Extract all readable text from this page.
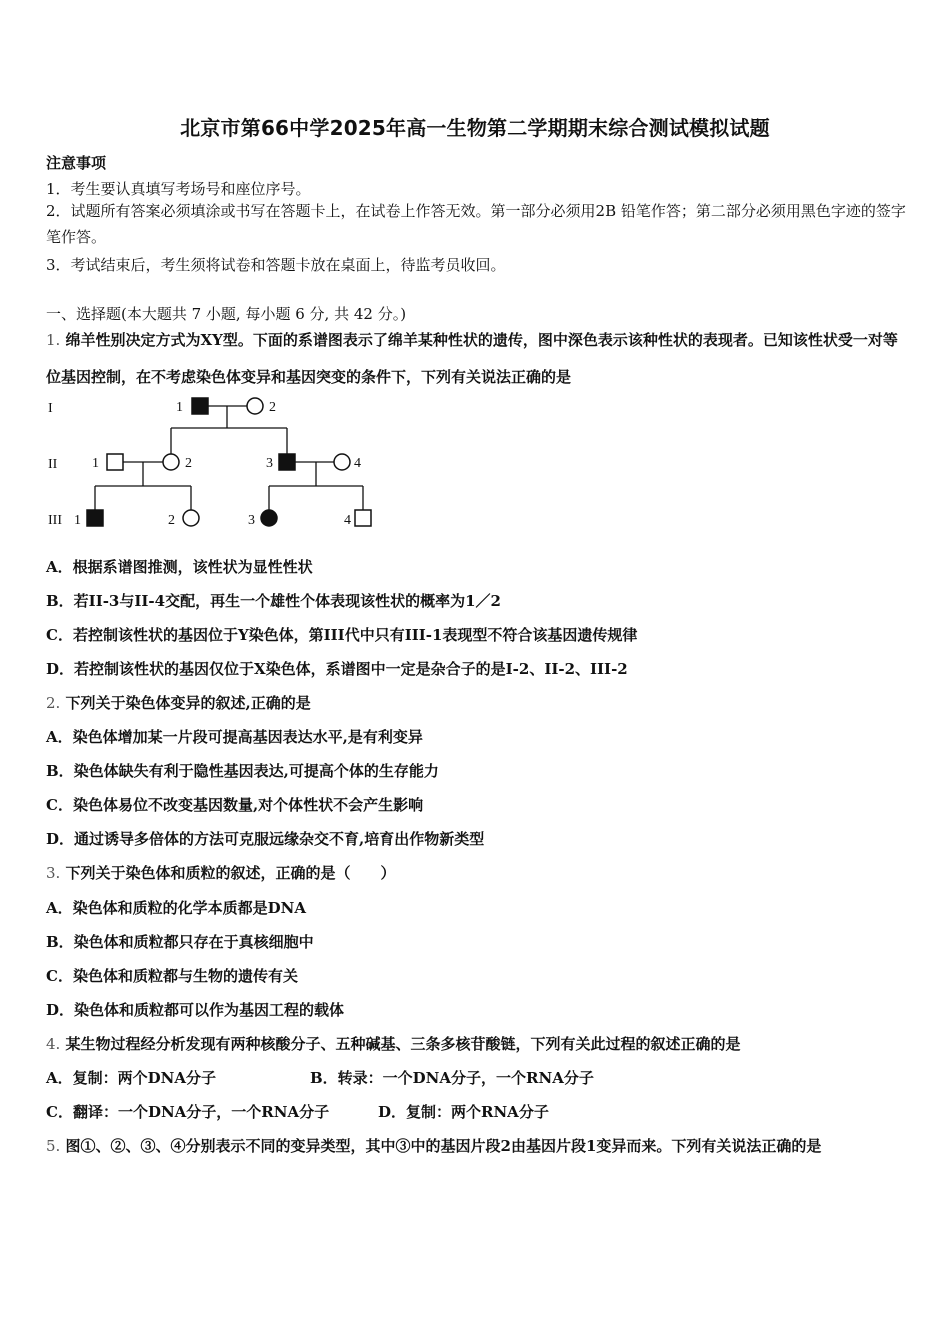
北京市第66中学2025年高一生物第二学期期末综合测试模拟试题
注意事项
1．考生要认真填写考场号和座位序号。
2．试题所有答案必须填涂或书写在答题卡上，在试卷上作答无效。第一部分必须用2B 铅笔作答；第二部分必须用黑色字迹的签字笔作答。
3．考试结束后，考生须将试卷和答题卡放在桌面上，待监考员收回。
一、选择题(本大题共 7 小题, 每小题 6 分, 共 42 分。)
1. 绵羊性别决定方式为XY型。下面的系谱图表示了绵羊某种性状的遗传，图中深色表示该种性状的表现者。已知该性状受一对等位基因控制，在不考虑染色体变异和基因突变的条件下，下列有关说法正确的是
I
II
III
1	2
1	2	3	4
1	2	3	4
A．根据系谱图推测，该性状为显性性状
B．若II-3与II-4交配，再生一个雄性个体表现该性状的概率为1／2
C．若控制该性状的基因位于Y染色体，第III代中只有III-1表现型不符合该基因遗传规律
D．若控制该性状的基因仅位于X染色体，系谱图中一定是杂合子的是I-2、II-2、III-2
2. 下列关于染色体变异的叙述,正确的是
A．染色体增加某一片段可提高基因表达水平,是有利变异
B．染色体缺失有利于隐性基因表达,可提高个体的生存能力
C．染色体易位不改变基因数量,对个体性状不会产生影响
D．通过诱导多倍体的方法可克服远缘杂交不育,培育出作物新类型
3. 下列关于染色体和质粒的叙述，正确的是（　　）
A．染色体和质粒的化学本质都是DNA
B．染色体和质粒都只存在于真核细胞中
C．染色体和质粒都与生物的遗传有关
D．染色体和质粒都可以作为基因工程的载体
4. 某生物过程经分析发现有两种核酸分子、五种碱基、三条多核苷酸链，下列有关此过程的叙述正确的是
A．复制：两个DNA分子	B．转录：一个DNA分子，一个RNA分子
C．翻译：一个DNA分子，一个RNA分子	D．复制：两个RNA分子
5. 图①、②、③、④分别表示不同的变异类型，其中③中的基因片段2由基因片段1变异而来。下列有关说法正确的是
